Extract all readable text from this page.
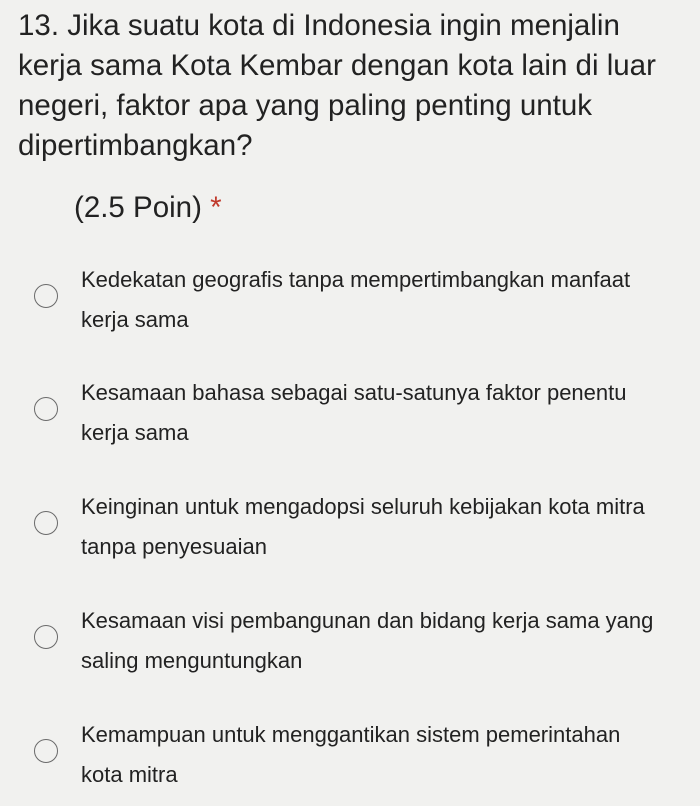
13. Jika suatu kota di Indonesia ingin menjalin kerja sama Kota Kembar dengan kota lain di luar negeri, faktor apa yang paling penting untuk dipertimbangkan?

(2.5 Poin) *

Kedekatan geografis tanpa mempertimbangkan manfaat kerja sama
Kesamaan bahasa sebagai satu-satunya faktor penentu kerja sama
Keinginan untuk mengadopsi seluruh kebijakan kota mitra tanpa penyesuaian
Kesamaan visi pembangunan dan bidang kerja sama yang saling menguntungkan
Kemampuan untuk menggantikan sistem pemerintahan kota mitra
